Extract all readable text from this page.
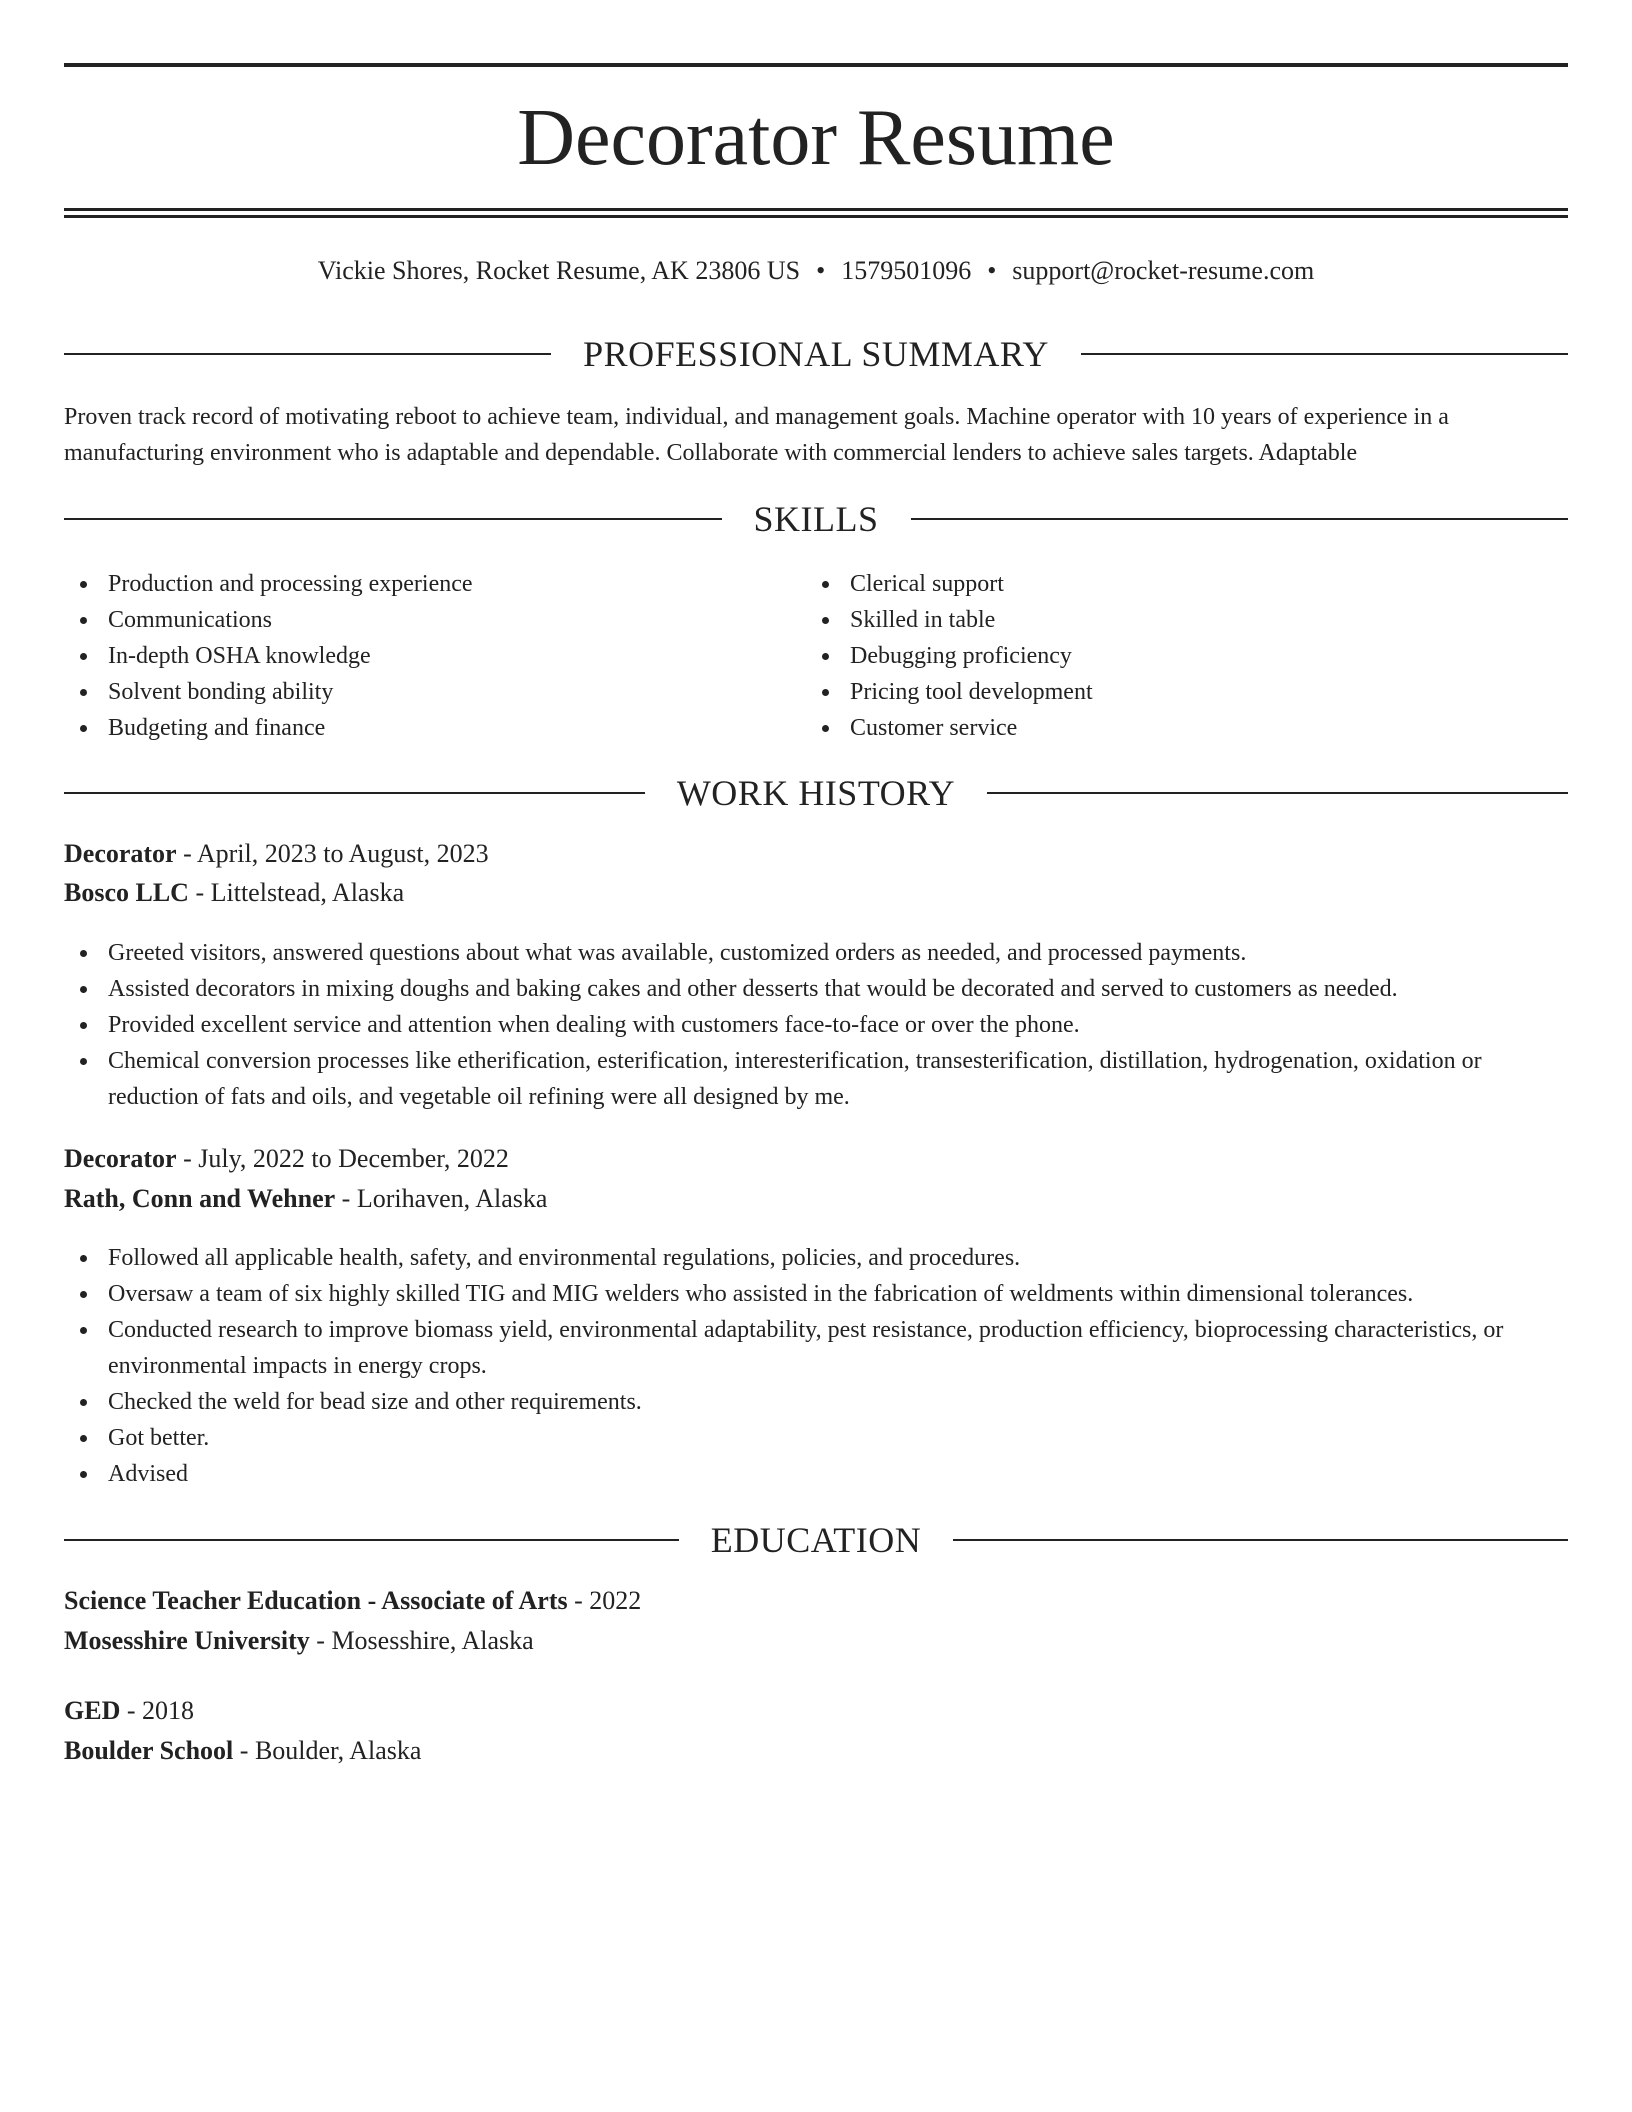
Decorator Resume
Vickie Shores, Rocket Resume, AK 23806 US • 1579501096 • support@rocket-resume.com
PROFESSIONAL SUMMARY

Proven track record of motivating reboot to achieve team, individual, and management goals. Machine operator with 10 years of experience in a manufacturing environment who is adaptable and dependable. Collaborate with commercial lenders to achieve sales targets. Adaptable

SKILLS
Production and processing experience
Communications
In-depth OSHA knowledge
Solvent bonding ability
Budgeting and finance
Clerical support
Skilled in table
Debugging proficiency
Pricing tool development
Customer service
WORK HISTORY
Decorator - April, 2023 to August, 2023
Bosco LLC - Littelstead, Alaska
Greeted visitors, answered questions about what was available, customized orders as needed, and processed payments.
Assisted decorators in mixing doughs and baking cakes and other desserts that would be decorated and served to customers as needed.
Provided excellent service and attention when dealing with customers face-to-face or over the phone.
Chemical conversion processes like etherification, esterification, interesterification, transesterification, distillation, hydrogenation, oxidation or reduction of fats and oils, and vegetable oil refining were all designed by me.
Decorator - July, 2022 to December, 2022
Rath, Conn and Wehner - Lorihaven, Alaska
Followed all applicable health, safety, and environmental regulations, policies, and procedures.
Oversaw a team of six highly skilled TIG and MIG welders who assisted in the fabrication of weldments within dimensional tolerances.
Conducted research to improve biomass yield, environmental adaptability, pest resistance, production efficiency, bioprocessing characteristics, or environmental impacts in energy crops.
Checked the weld for bead size and other requirements.
Got better.
Advised
EDUCATION
Science Teacher Education - Associate of Arts - 2022
Mosesshire University - Mosesshire, Alaska
GED - 2018
Boulder School - Boulder, Alaska
